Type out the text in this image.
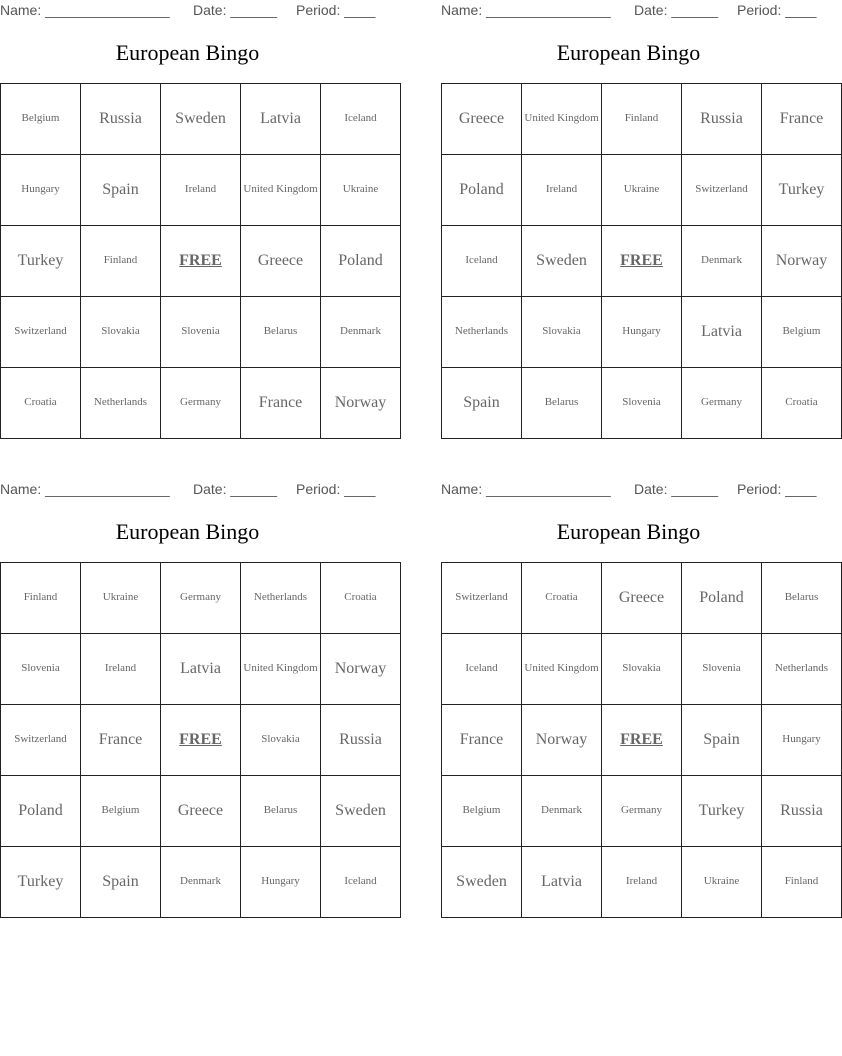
Name: ________________ Date: ______ Period: ____
European Bingo
Belgium	Russia	Sweden	Latvia	Iceland
Hungary	Spain	Ireland	United Kingdom	Ukraine
Turkey	Finland	FREE	Greece	Poland
Switzerland	Slovakia	Slovenia	Belarus	Denmark
Croatia	Netherlands	Germany	France	Norway
Name: ________________ Date: ______ Period: ____
European Bingo
Greece	United Kingdom	Finland	Russia	France
Poland	Ireland	Ukraine	Switzerland	Turkey
Iceland	Sweden	FREE	Denmark	Norway
Netherlands	Slovakia	Hungary	Latvia	Belgium
Spain	Belarus	Slovenia	Germany	Croatia
Name: ________________ Date: ______ Period: ____
European Bingo
Finland	Ukraine	Germany	Netherlands	Croatia
Slovenia	Ireland	Latvia	United Kingdom	Norway
Switzerland	France	FREE	Slovakia	Russia
Poland	Belgium	Greece	Belarus	Sweden
Turkey	Spain	Denmark	Hungary	Iceland
Name: ________________ Date: ______ Period: ____
European Bingo
Switzerland	Croatia	Greece	Poland	Belarus
Iceland	United Kingdom	Slovakia	Slovenia	Netherlands
France	Norway	FREE	Spain	Hungary
Belgium	Denmark	Germany	Turkey	Russia
Sweden	Latvia	Ireland	Ukraine	Finland
